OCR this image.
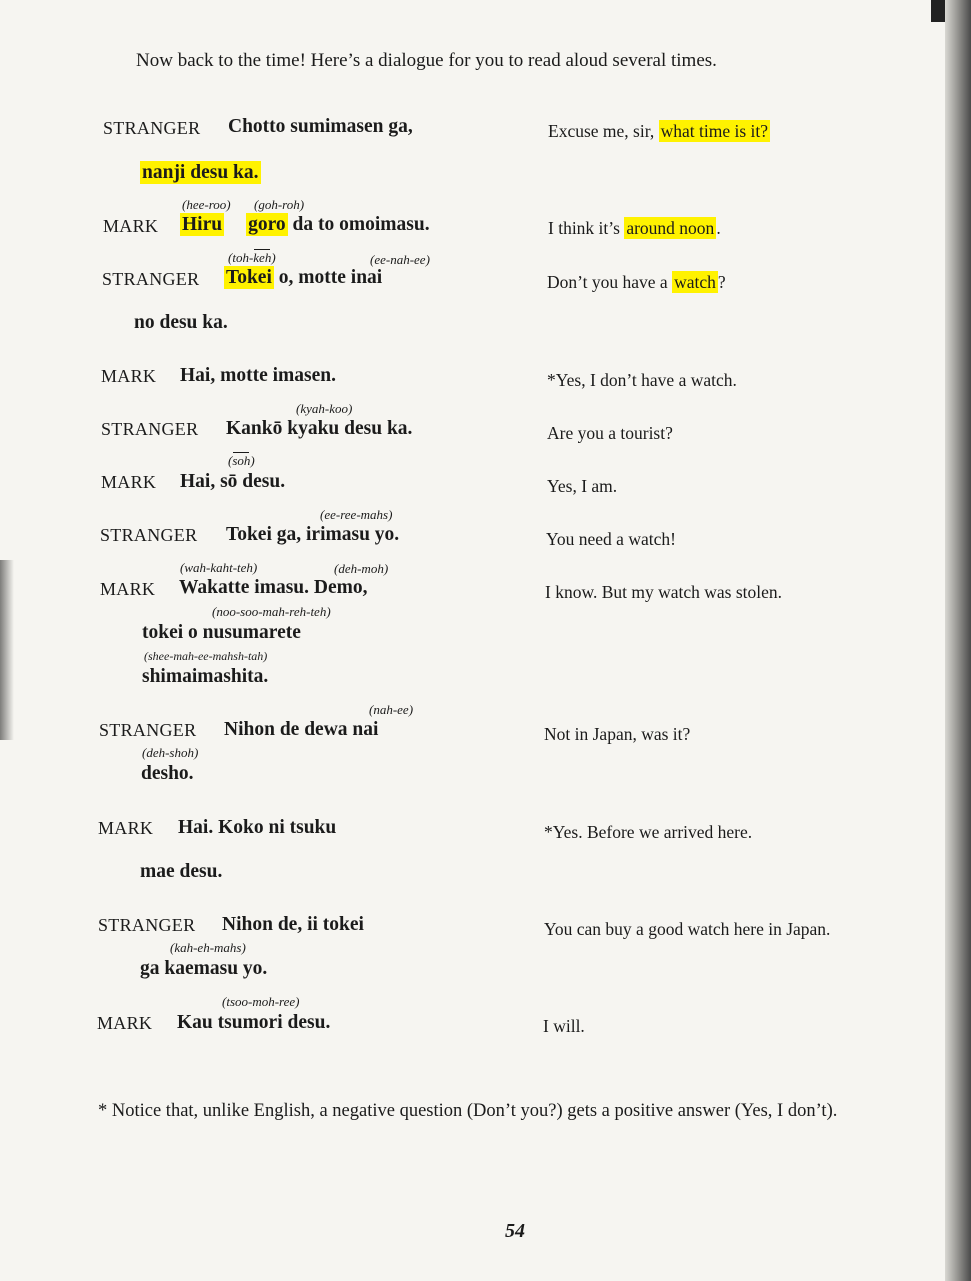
Now back to the time! Here’s a dialogue for you to read aloud several times.
STRANGER Chotto sumimasen ga,	Excuse me, sir, what time is it?
nanji desu ka.
(hee-roo) (goh-roh)
MARK Hiru goro da to omoimasu.	I think it’s around noon .
(toh-keh)	(ee-nah-ee)
STRANGER Tokei o, motte inai	Don’t you have a watch ?
no desu ka.
MARK Hai, motte imasen.	*Yes, I don’t have a watch.
(kyah-koo)
STRANGER Kankō kyaku desu ka.	Are you a tourist?
(soh)
MARK Hai, sō desu.	Yes, I am.
(ee-ree-mahs)
STRANGER Tokei ga, irimasu yo.	You need a watch!
(wah-kaht-teh)	(deh-moh)
MARK Wakatte imasu. Demo,	I know. But my watch was stolen.
(noo-soo-mah-reh-teh)
tokei o nusumarete
(shee-mah-ee-mahsh-tah)
shimaimashita.
(nah-ee)
STRANGER Nihon de dewa nai	Not in Japan, was it?
(deh-shoh)
desho.
MARK Hai. Koko ni tsuku	*Yes. Before we arrived here.
mae desu.
STRANGER Nihon de, ii tokei	You can buy a good watch here in Japan.
(kah-eh-mahs)
ga kaemasu yo.
(tsoo-moh-ree)
MARK Kau tsumori desu.	I will.
* Notice that, unlike English, a negative question (Don’t you?) gets a positive answer (Yes, I don’t).
54
